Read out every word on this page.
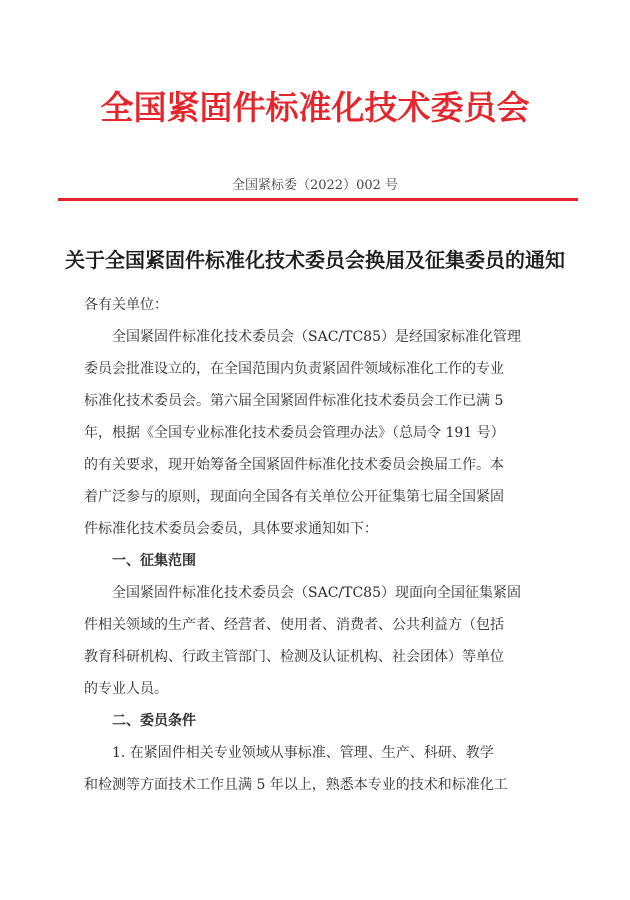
全国紧固件标准化技术委员会
全国紧标委（2022）002 号
关于全国紧固件标准化技术委员会换届及征集委员的通知
各有关单位：
全国紧固件标准化技术委员会（SAC/TC85）是经国家标准化管理
委员会批准设立的，在全国范围内负责紧固件领域标准化工作的专业
标准化技术委员会。第六届全国紧固件标准化技术委员会工作已满 5
年，根据《全国专业标准化技术委员会管理办法》（总局令 191 号）
的有关要求，现开始筹备全国紧固件标准化技术委员会换届工作。本
着广泛参与的原则，现面向全国各有关单位公开征集第七届全国紧固
件标准化技术委员会委员，具体要求通知如下：
一、征集范围
全国紧固件标准化技术委员会（SAC/TC85）现面向全国征集紧固
件相关领域的生产者、经营者、使用者、消费者、公共利益方（包括
教育科研机构、行政主管部门、检测及认证机构、社会团体）等单位
的专业人员。
二、委员条件
1. 在紧固件相关专业领域从事标准、管理、生产、科研、教学
和检测等方面技术工作且满 5 年以上，熟悉本专业的技术和标准化工
